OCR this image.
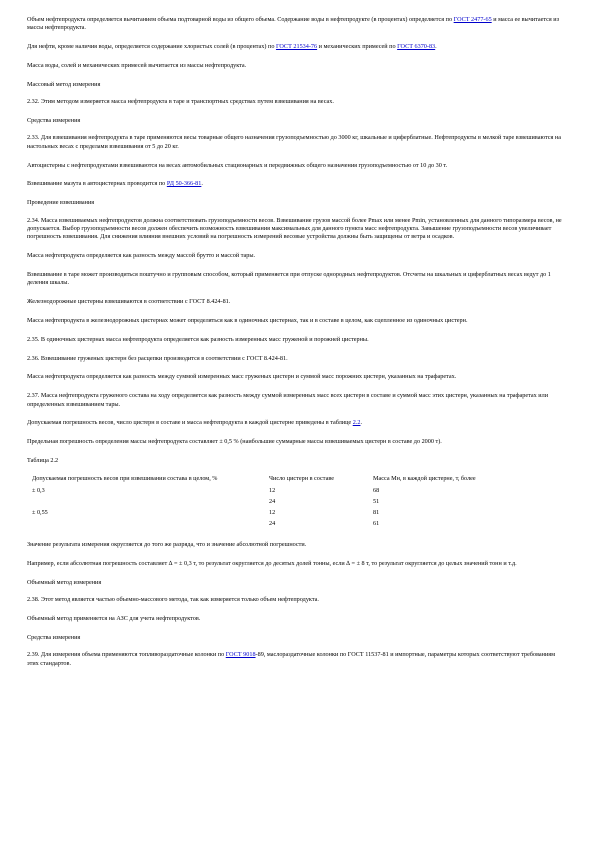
Объем нефтепродукта определяется вычитанием объема подтоварной воды из общего объема. Содержание воды в нефтепродукте (в процентах) определяется по ГОСТ 2477-65 и масса ее вычитается из массы нефтепродукта.

Для нефти, кроме наличия воды, определяется содержание хлористых солей (в процентах) по ГОСТ 21534-76 и механических примесей по ГОСТ 6370-83.

Масса воды, солей и механических примесей вычитается из массы нефтепродукта.

Массовый метод измерения

2.32. Этим методом измеряется масса нефтепродукта в таре и транспортных средствах путем взвешивания на весах.

Средства измерения

2.33. Для взвешивания нефтепродукта в таре применяются весы товарные общего назначения грузоподъемностью до 3000 кг, шкальные и циферблатные. Нефтепродукты в мелкой таре взвешиваются на настольных весах с пределами взвешивания от 5 до 20 кг.

Автоцистерны с нефтепродуктами взвешиваются на весах автомобильных стационарных и передвижных общего назначения грузоподъемностью от 10 до 30 т.

Взвешивание мазута в автоцистернах проводится по РД 50-366-81.

Проведение взвешивания

2.34. Масса взвешиваемых нефтепродуктов должна соответствовать грузоподъемности весов. Взвешивание грузов массой более Pmax или менее Pmin, установленных для данного типоразмера весов, не допускается. Выбор грузоподъемности весов должен обеспечить возможность взвешивания максимальных для данного пункта масс нефтепродукта. Завышение грузоподъемности весов увеличивает погрешность взвешивания. Для снижения влияния внешних условий на погрешность измерений весовые устройства должны быть защищены от ветра и осадков.

Масса нефтепродукта определяется как разность между массой брутто и массой тары.

Взвешивание в таре может производиться поштучно и групповым способом, который применяется при отпуске однородных нефтепродуктов. Отсчеты на шкальных и циферблатных весах ведут до 1 деления шкалы.

Железнодорожные цистерны взвешиваются в соответствии с ГОСТ 8.424-81.

Масса нефтепродукта в железнодорожных цистернах может определяться как в одиночных цистернах, так и в составе в целом, как сцепленное из одиночных цистерн.

2.35. В одиночных цистернах масса нефтепродукта определяется как разность измеренных масс груженой и порожней цистерны.

2.36. Взвешивание груженых цистерн без расцепки производится в соответствии с ГОСТ 8.424-81.

Масса нефтепродукта определяется как разность между суммой измеренных масс груженых цистерн и суммой масс порожних цистерн, указанных на трафаретах.

2.37. Масса нефтепродукта груженого состава на ходу определяется как разность между суммой измеренных масс всех цистерн в составе и суммой масс этих цистерн, указанных на трафаретах или определенных взвешиванием тары.

Допускаемая погрешность весов, число цистерн в составе и масса нефтепродукта в каждой цистерне приведены в таблице 2.2.

Предельная погрешность определения массы нефтепродукта составляет ± 0,5 % (наибольшие суммарные массы взвешиваемых цистерн в составе до 2000 т).

Таблица 2.2

Допускаемая погрешность весов при взвешивании состава в целом, %	Число цистерн в составе	Масса Мн, в каждой цистерне, т, более
± 0,3	12	68
	24	51
± 0,55	12	81
	24	61

Значение результата измерения округляется до того же разряда, что и значение абсолютной погрешности.

Например, если абсолютная погрешность составляет ∆ = ± 0,3 т, то результат округляется до десятых долей тонны, если ∆ = ± 8 т, то результат округляется до целых значений тонн и т.д.

Объемный метод измерения

2.38. Этот метод является частью объемно-массового метода, так как измеряется только объем нефтепродукта.

Объемный метод применяется на АЗС для учета нефтепродуктов.

Средства измерения

2.39. Для измерения объема применяются топливораздаточные колонки по ГОСТ 9018-89, маслораздаточные колонки по ГОСТ 11537-81 и импортные, параметры которых соответствуют требованиям этих стандартов.
